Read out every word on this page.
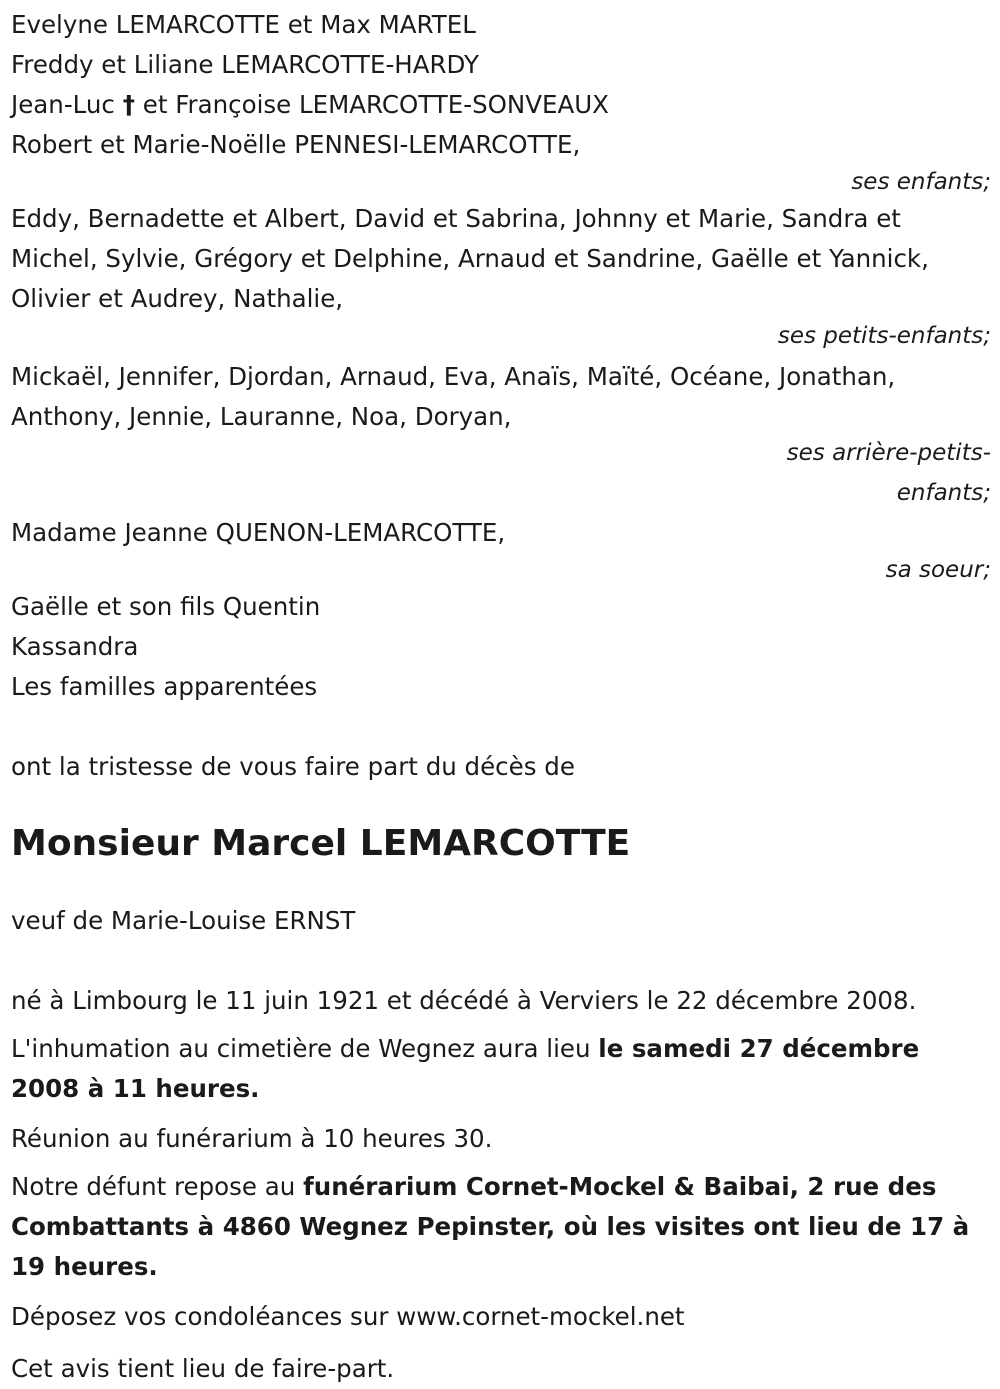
Evelyne LEMARCOTTE et Max MARTEL

Freddy et Liliane LEMARCOTTE-HARDY

Jean-Luc † et Françoise LEMARCOTTE-SONVEAUX

Robert et Marie-Noëlle PENNESI-LEMARCOTTE,

ses enfants;

Eddy, Bernadette et Albert, David et Sabrina, Johnny et Marie, Sandra et Michel, Sylvie, Grégory et Delphine, Arnaud et Sandrine, Gaëlle et Yannick, Olivier et Audrey, Nathalie,

ses petits-enfants;

Mickaël, Jennifer, Djordan, Arnaud, Eva, Anaïs, Maïté, Océane, Jonathan, Anthony, Jennie, Lauranne, Noa, Doryan,

ses arrière-petits-

enfants;

Madame Jeanne QUENON-LEMARCOTTE,

sa soeur;

Gaëlle et son fils Quentin

Kassandra

Les familles apparentées

ont la tristesse de vous faire part du décès de

Monsieur Marcel LEMARCOTTE

veuf de Marie-Louise ERNST

né à Limbourg le 11 juin 1921 et décédé à Verviers le 22 décembre 2008.

L'inhumation au cimetière de Wegnez aura lieu le samedi 27 décembre 2008 à 11 heures.

Réunion au funérarium à 10 heures 30.

Notre défunt repose au funérarium Cornet-Mockel & Baibai, 2 rue des Combattants à 4860 Wegnez Pepinster, où les visites ont lieu de 17 à 19 heures.

Déposez vos condoléances sur www.cornet-mockel.net

Cet avis tient lieu de faire-part.
